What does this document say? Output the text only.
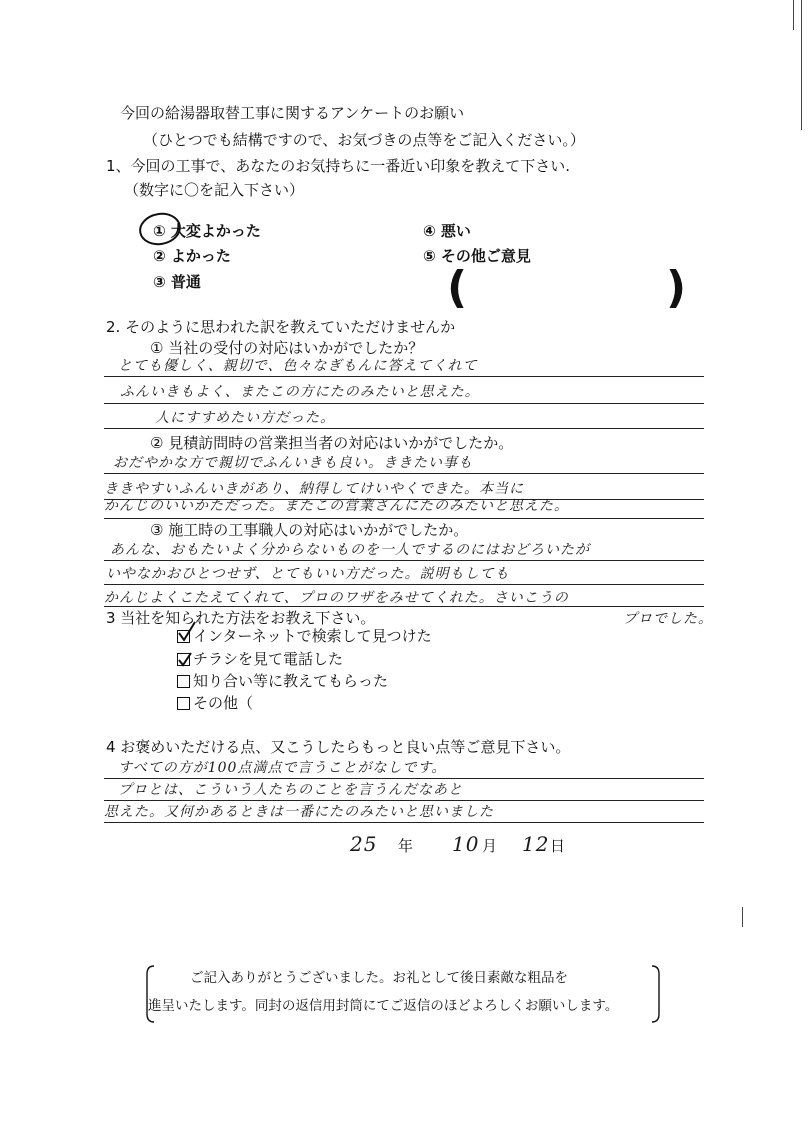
今回の給湯器取替工事に関するアンケートのお願い
（ひとつでも結構ですので、お気づきの点等をご記入ください。）
1、今回の工事で、あなたのお気持ちに一番近い印象を教えて下さい.
（数字に〇を記入下さい）
① 大変よかった
② よかった
③ 普通
④ 悪い
⑤ その他ご意見
(	)
2. そのように思われた訳を教えていただけませんか
① 当社の受付の対応はいかがでしたか？
とても優しく、親切で、色々なぎもんに答えてくれて
ふんいきもよく、またこの方にたのみたいと思えた。
人にすすめたい方だった。
② 見積訪問時の営業担当者の対応はいかがでしたか。
おだやかな方で親切でふんいきも良い。ききたい事も
ききやすいふんいきがあり、納得してけいやくできた。本当に
かんじのいいかただった。またこの営業さんにたのみたいと思えた。
③ 施工時の工事職人の対応はいかがでしたか。
あんな、おもたいよく分からないものを一人でするのにはおどろいたが
いやなかおひとつせず、とてもいい方だった。説明もしても
かんじよくこたえてくれて、プロのワザをみせてくれた。さいこうの
プロでした。
3 当社を知られた方法をお教え下さい。
インターネットで検索して見つけた
チラシを見て電話した
知り合い等に教えてもらった
その他（
4 お褒めいただける点、又こうしたらもっと良い点等ご意見下さい。
すべての方が100点満点で言うことがなしです。
プロとは、こういう人たちのことを言うんだなあと
思えた。又何かあるときは一番にたのみたいと思いました
25 年 10 月 12 日
ご記入ありがとうございました。お礼として後日素敵な粗品を
進呈いたします。同封の返信用封筒にてご返信のほどよろしくお願いします。
